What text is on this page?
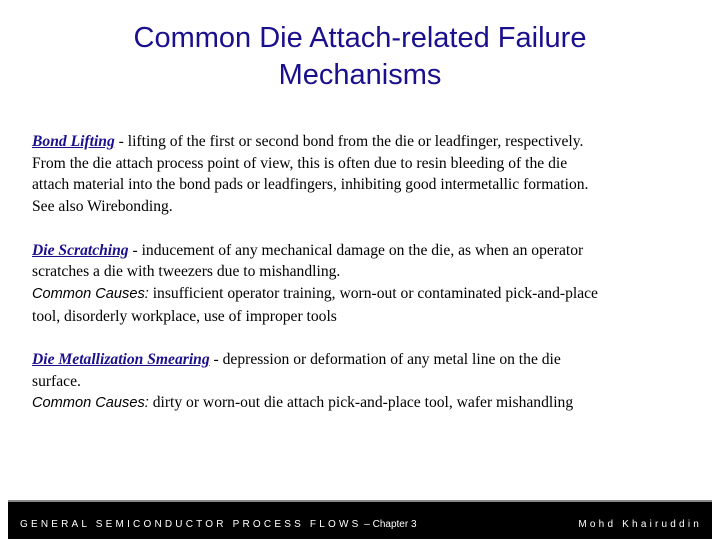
Common Die Attach-related Failure
Mechanisms
Bond Lifting - lifting of the first or second bond from the die or leadfinger, respectively.
From the die attach process point of view, this is often due to resin bleeding of the die
attach material into the bond pads or leadfingers, inhibiting good intermetallic formation.
See also Wirebonding.
Die Scratching - inducement of any mechanical damage on the die, as when an operator
scratches a die with tweezers due to mishandling.
Common Causes: insufficient operator training, worn-out or contaminated pick-and-place
tool, disorderly workplace, use of improper tools
Die Metallization Smearing - depression or deformation of any metal line on the die
surface.
Common Causes: dirty or worn-out die attach pick-and-place tool, wafer mishandling
GENERAL SEMICONDUCTOR PROCESS FLOWS – Chapter 3	Mohd Khairuddin
